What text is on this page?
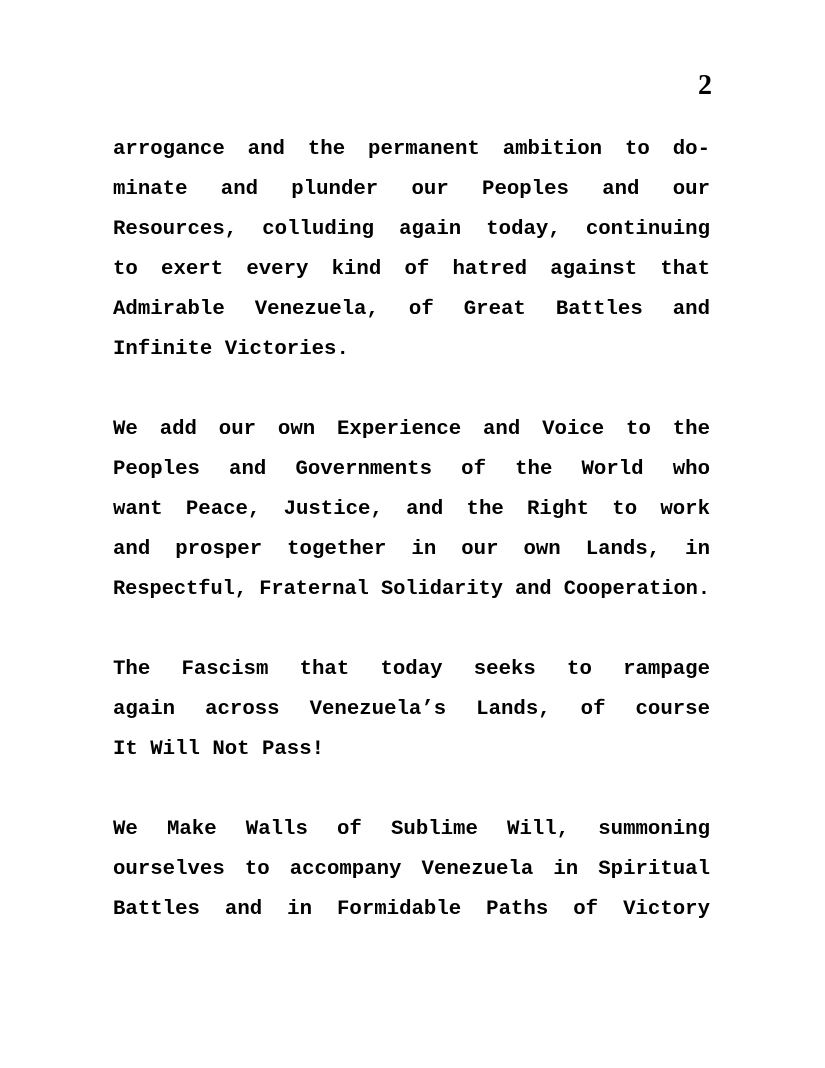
2
arrogance and the permanent ambition to do-
minate and plunder our Peoples and our
Resources, colluding again today, continuing
to exert every kind of hatred against that
Admirable Venezuela, of Great Battles and
Infinite Victories.
We add our own Experience and Voice to the
Peoples and Governments of the World who
want Peace, Justice, and the Right to work
and prosper together in our own Lands, in
Respectful, Fraternal Solidarity and Cooperation.
The Fascism that today seeks to rampage
again across Venezuela’s Lands, of course
It Will Not Pass!
We Make Walls of Sublime Will, summoning
ourselves to accompany Venezuela in Spiritual
Battles and in Formidable Paths of Victory
